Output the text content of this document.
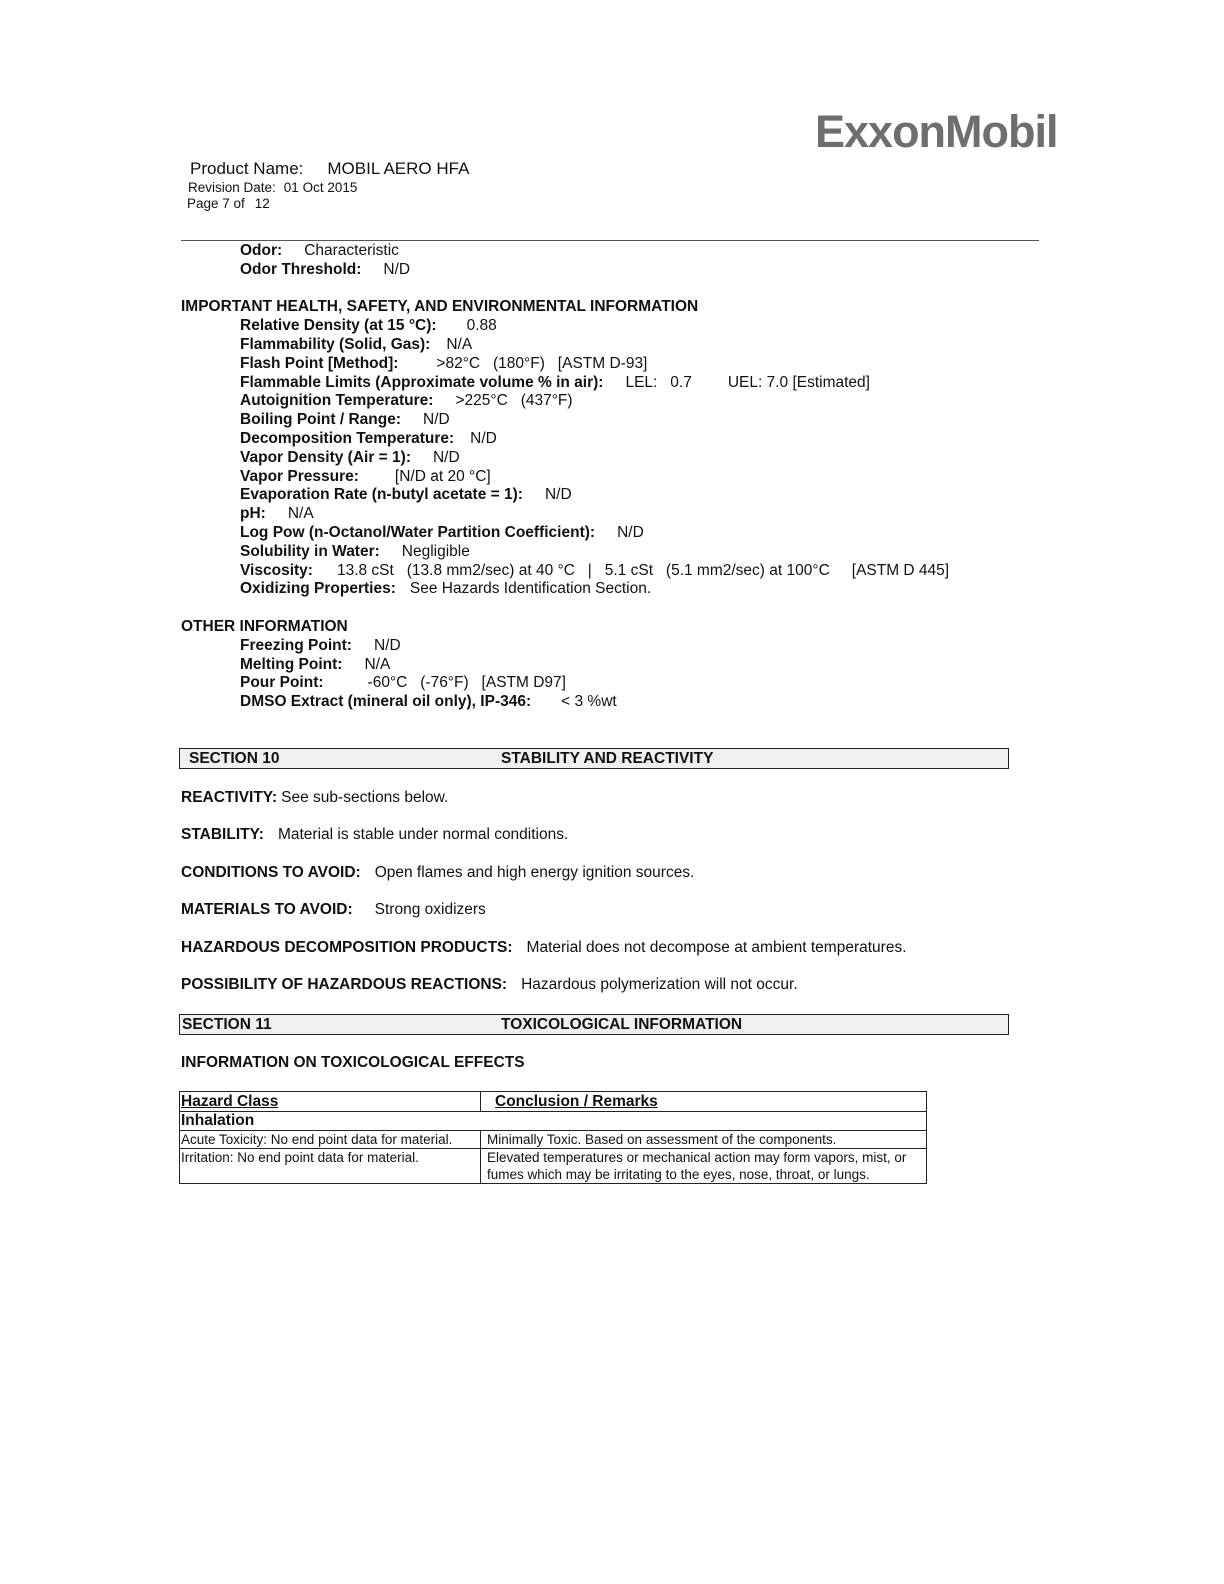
ExxonMobil
Product Name: MOBIL AERO HFA
Revision Date: 01 Oct 2015
Page 7 of 12
Odor: Characteristic
Odor Threshold: N/D
IMPORTANT HEALTH, SAFETY, AND ENVIRONMENTAL INFORMATION
Relative Density (at 15 °C): 0.88
Flammability (Solid, Gas): N/A
Flash Point [Method]: >82°C   (180°F)   [ASTM D-93]
Flammable Limits (Approximate volume % in air): LEL:   0.7 UEL: 7.0 [Estimated]
Autoignition Temperature: >225°C   (437°F)
Boiling Point / Range: N/D
Decomposition Temperature: N/D
Vapor Density (Air = 1): N/D
Vapor Pressure: [N/D at 20 °C]
Evaporation Rate (n-butyl acetate = 1): N/D
pH: N/A
Log Pow (n-Octanol/Water Partition Coefficient): N/D
Solubility in Water: Negligible
Viscosity: 13.8 cSt   (13.8 mm2/sec) at 40 °C   |   5.1 cSt   (5.1 mm2/sec) at 100°C [ASTM D 445]
Oxidizing Properties: See Hazards Identification Section.
OTHER INFORMATION
Freezing Point: N/D
Melting Point: N/A
Pour Point:	-60°C   (-76°F)   [ASTM D97]
DMSO Extract (mineral oil only), IP-346: < 3 %wt
SECTION 10	STABILITY AND REACTIVITY
REACTIVITY: See sub-sections below.
STABILITY: Material is stable under normal conditions.
CONDITIONS TO AVOID: Open flames and high energy ignition sources.
MATERIALS TO AVOID: Strong oxidizers
HAZARDOUS DECOMPOSITION PRODUCTS: Material does not decompose at ambient temperatures.
POSSIBILITY OF HAZARDOUS REACTIONS: Hazardous polymerization will not occur.
SECTION 11	TOXICOLOGICAL INFORMATION
INFORMATION ON TOXICOLOGICAL EFFECTS
Hazard Class	Conclusion / Remarks
Inhalation	
Acute Toxicity: No end point data for material.	Minimally Toxic. Based on assessment of the components.
Irritation: No end point data for material.	Elevated temperatures or mechanical action may form vapors, mist, or fumes which may be irritating to the eyes, nose, throat, or lungs.
